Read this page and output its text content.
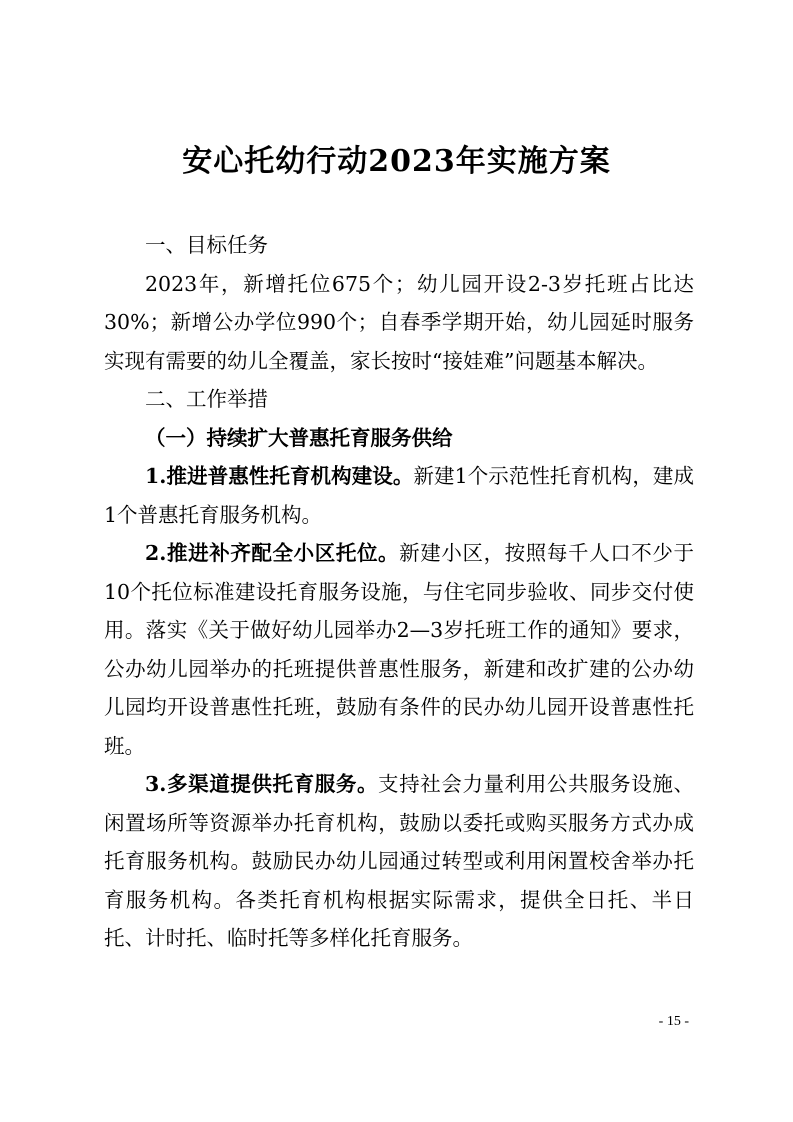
安心托幼行动2023年实施方案

一、目标任务

2023年，新增托位675个；幼儿园开设2-3岁托班占比达30%；新增公办学位990个；自春季学期开始，幼儿园延时服务实现有需要的幼儿全覆盖，家长按时“接娃难”问题基本解决。

二、工作举措

（一）持续扩大普惠托育服务供给

1.推进普惠性托育机构建设。新建1个示范性托育机构，建成1个普惠托育服务机构。

2.推进补齐配全小区托位。新建小区，按照每千人口不少于10个托位标准建设托育服务设施，与住宅同步验收、同步交付使用。落实《关于做好幼儿园举办2—3岁托班工作的通知》要求，公办幼儿园举办的托班提供普惠性服务，新建和改扩建的公办幼儿园均开设普惠性托班，鼓励有条件的民办幼儿园开设普惠性托班。

3.多渠道提供托育服务。支持社会力量利用公共服务设施、闲置场所等资源举办托育机构，鼓励以委托或购买服务方式办成托育服务机构。鼓励民办幼儿园通过转型或利用闲置校舍举办托育服务机构。各类托育机构根据实际需求，提供全日托、半日托、计时托、临时托等多样化托育服务。

- 15 -
